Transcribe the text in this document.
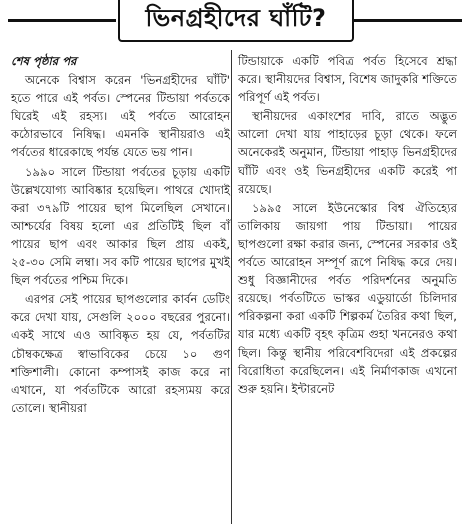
ভিনগ্রহীদের ঘাঁটি?
শেষ পৃষ্ঠার পর

অনেকে বিশ্বাস করেন 'ভিনগ্রহীদের ঘাঁটি' হতে পারে এই পর্বত। স্পেনের টিন্ডায়া পর্বতকে ঘিরেই এই রহস্য। এই পর্বতে আরোহন কঠোরভাবে নিষিদ্ধ। এমনকি স্থানীয়রাও এই পর্বতের ধারেকাছে পর্যন্ত যেতে ভয় পান।

১৯৯০ সালে টিন্ডায়া পর্বতের চূড়ায় একটি উল্লেখযোগ্য আবিষ্কার হয়েছিল। পাথরে খোদাই করা ৩৭৯টি পায়ের ছাপ মিলেছিল সেখানে। আশ্চর্যের বিষয় হলো এর প্রতিটিই ছিল বাঁ পায়ের ছাপ এবং আকার ছিল প্রায় একই, ২৫-৩০ সেমি লম্বা। সব কটি পায়ের ছাপের মুখই ছিল পর্বতের পশ্চিম দিকে।

এরপর সেই পায়ের ছাপগুলোর কার্বন ডেটিং করে দেখা যায়, সেগুলি ২০০০ বছরের পুরনো। একই সাথে এও আবিষ্কৃত হয় যে, পর্বতটির চৌম্বকক্ষেত্র স্বাভাবিকের চেয়ে ১০ গুণ শক্তিশালী। কোনো কম্পাসই কাজ করে না এখানে, যা পর্বতটিকে আরো রহস্যময় করে তোলে। স্থানীয়রা

টিন্ডায়াকে একটি পবিত্র পর্বত হিসেবে শ্রদ্ধা করে। স্থানীয়দের বিশ্বাস, বিশেষ জাদুকরি শক্তিতে পরিপূর্ণ এই পর্বত।

স্থানীয়দের একাংশের দাবি, রাতে অদ্ভুত আলো দেখা যায় পাহাড়ের চূড়া থেকে। ফলে অনেকেরই অনুমান, টিন্ডায়া পাহাড় ভিনগ্রহীদের ঘাঁটি এবং ওই ভিনগ্রহীদের একটি করেই পা রয়েছে।

১৯৯৫ সালে ইউনেস্কোর বিশ্ব ঐতিহ্যের তালিকায় জায়গা পায় টিন্ডায়া। পায়ের ছাপগুলো রক্ষা করার জন্য, স্পেনের সরকার ওই পর্বতে আরোহন সম্পূর্ণ রূপে নিষিদ্ধ করে দেয়। শুধু বিজ্ঞানীদের পর্বত পরিদর্শনের অনুমতি রয়েছে। পর্বতটিতে ভাস্কর এডুয়ার্ডো চিলিদার পরিকল্পনা করা একটি শিল্পকর্ম তৈরির কথা ছিল, যার মধ্যে একটি বৃহৎ কৃত্রিম গুহা খননেরও কথা ছিল। কিন্তু স্থানীয় পরিবেশবিদেরা এই প্রকল্পের বিরোধিতা করেছিলেন। এই নির্মাণকাজ এখনো শুরু হয়নি। ইন্টারনেট
